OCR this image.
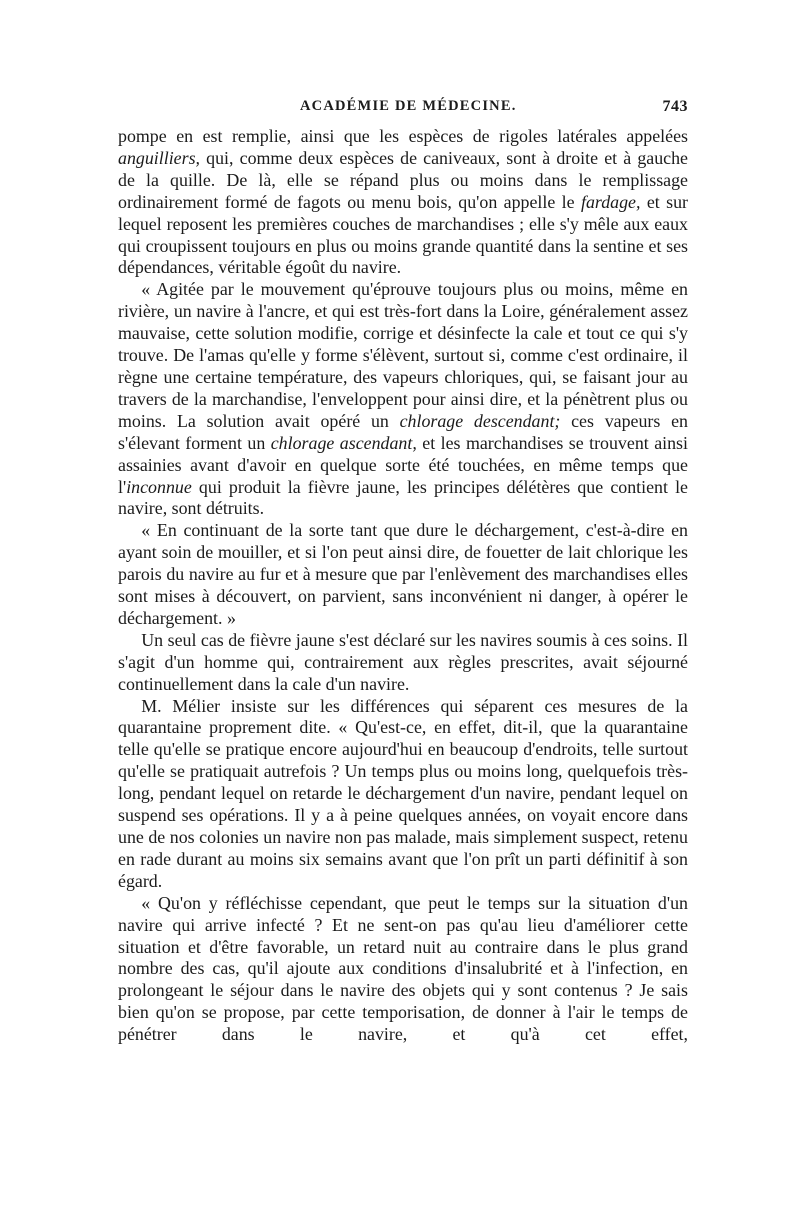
ACADÉMIE DE MÉDECINE.	743

pompe en est remplie, ainsi que les espèces de rigoles latérales appelées anguilliers, qui, comme deux espèces de caniveaux, sont à droite et à gauche de la quille. De là, elle se répand plus ou moins dans le remplissage ordinairement formé de fagots ou menu bois, qu'on appelle le fardage, et sur lequel reposent les premières couches de marchandises ; elle s'y mêle aux eaux qui croupissent toujours en plus ou moins grande quantité dans la sentine et ses dépendances, véritable égoût du navire.

« Agitée par le mouvement qu'éprouve toujours plus ou moins, même en rivière, un navire à l'ancre, et qui est très-fort dans la Loire, généralement assez mauvaise, cette solution modifie, corrige et désinfecte la cale et tout ce qui s'y trouve. De l'amas qu'elle y forme s'élèvent, surtout si, comme c'est ordinaire, il règne une certaine température, des vapeurs chloriques, qui, se faisant jour au travers de la marchandise, l'enveloppent pour ainsi dire, et la pénètrent plus ou moins. La solution avait opéré un chlorage descendant; ces vapeurs en s'élevant forment un chlorage ascendant, et les marchandises se trouvent ainsi assainies avant d'avoir en quelque sorte été touchées, en même temps que l'inconnue qui produit la fièvre jaune, les principes délétères que contient le navire, sont détruits.

« En continuant de la sorte tant que dure le déchargement, c'est-à-dire en ayant soin de mouiller, et si l'on peut ainsi dire, de fouetter de lait chlorique les parois du navire au fur et à mesure que par l'enlèvement des marchandises elles sont mises à découvert, on parvient, sans inconvénient ni danger, à opérer le déchargement. »

Un seul cas de fièvre jaune s'est déclaré sur les navires soumis à ces soins. Il s'agit d'un homme qui, contrairement aux règles prescrites, avait séjourné continuellement dans la cale d'un navire.

M. Mélier insiste sur les différences qui séparent ces mesures de la quarantaine proprement dite. « Qu'est-ce, en effet, dit-il, que la quarantaine telle qu'elle se pratique encore aujourd'hui en beaucoup d'endroits, telle surtout qu'elle se pratiquait autrefois ? Un temps plus ou moins long, quelquefois très-long, pendant lequel on retarde le déchargement d'un navire, pendant lequel on suspend ses opérations. Il y a à peine quelques années, on voyait encore dans une de nos colonies un navire non pas malade, mais simplement suspect, retenu en rade durant au moins six semains avant que l'on prît un parti définitif à son égard.

« Qu'on y réfléchisse cependant, que peut le temps sur la situation d'un navire qui arrive infecté ? Et ne sent-on pas qu'au lieu d'améliorer cette situation et d'être favorable, un retard nuit au contraire dans le plus grand nombre des cas, qu'il ajoute aux conditions d'insalubrité et à l'infection, en prolongeant le séjour dans le navire des objets qui y sont contenus ? Je sais bien qu'on se propose, par cette temporisation, de donner à l'air le temps de pénétrer dans le navire, et qu'à cet effet,
